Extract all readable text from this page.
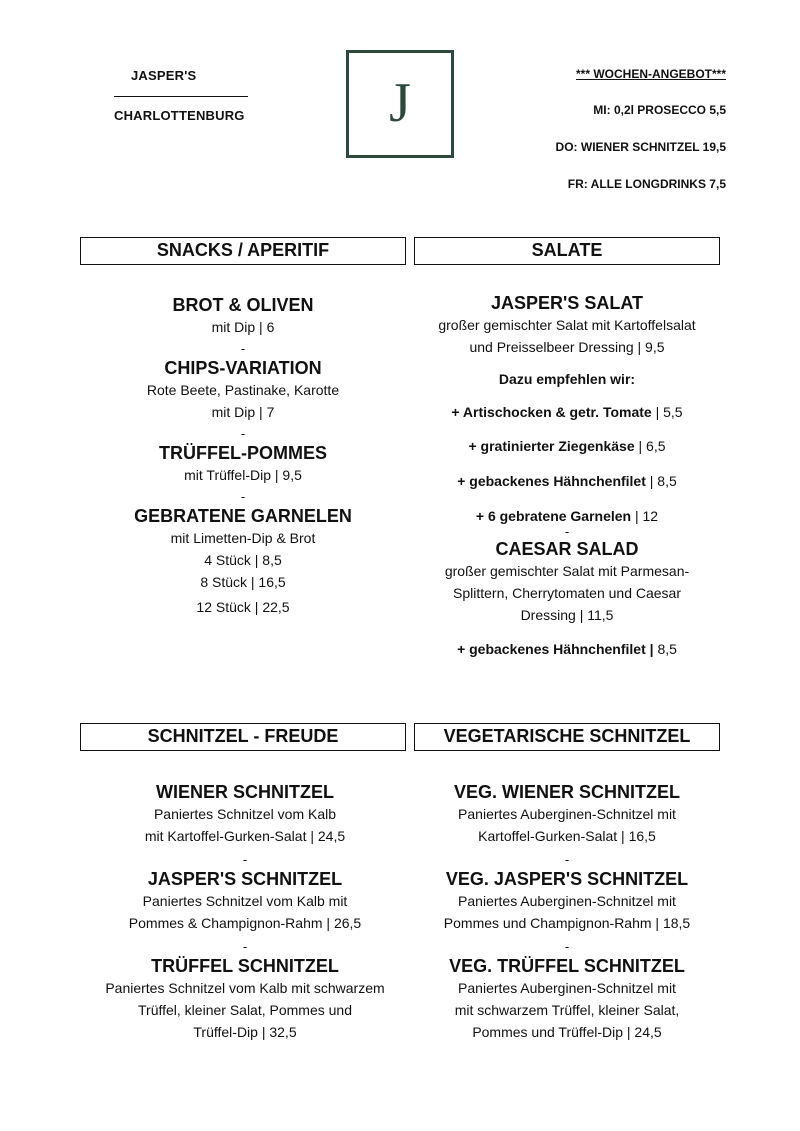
JASPER'S
CHARLOTTENBURG	J	*** WOCHEN-ANGEBOT***
MI: 0,2l PROSECCO 5,5
DO: WIENER SCHNITZEL 19,5
FR: ALLE LONGDRINKS 7,5
SNACKS / APERITIF	SALATE
SCHNITZEL - FREUDE	VEGETARISCHE SCHNITZEL
BROT & OLIVEN
mit Dip | 6
-
CHIPS-VARIATION
Rote Beete, Pastinake, Karotte
mit Dip | 7
-
TRÜFFEL-POMMES
mit Trüffel-Dip | 9,5
-
GEBRATENE GARNELEN
mit Limetten-Dip & Brot
4 Stück | 8,5
8 Stück | 16,5
12 Stück | 22,5
JASPER'S SALAT
großer gemischter Salat mit Kartoffelsalat
und Preisselbeer Dressing | 9,5
Dazu empfehlen wir:
+ Artischocken & getr. Tomate | 5,5
+ gratinierter Ziegenkäse | 6,5
+ gebackenes Hähnchenfilet | 8,5
+ 6 gebratene Garnelen | 12
-
CAESAR SALAD
großer gemischter Salat mit Parmesan-
Splittern, Cherrytomaten und Caesar
Dressing | 11,5
+ gebackenes Hähnchenfilet | 8,5
WIENER SCHNITZEL
Paniertes Schnitzel vom Kalb
mit Kartoffel-Gurken-Salat | 24,5
-
JASPER'S SCHNITZEL
Paniertes Schnitzel vom Kalb mit
Pommes & Champignon-Rahm | 26,5
-
TRÜFFEL SCHNITZEL
Paniertes Schnitzel vom Kalb mit schwarzem
Trüffel, kleiner Salat, Pommes und
Trüffel-Dip | 32,5
VEG. WIENER SCHNITZEL
Paniertes Auberginen-Schnitzel mit
Kartoffel-Gurken-Salat | 16,5
-
VEG. JASPER'S SCHNITZEL
Paniertes Auberginen-Schnitzel mit
Pommes und Champignon-Rahm | 18,5
-
VEG. TRÜFFEL SCHNITZEL
Paniertes Auberginen-Schnitzel mit
mit schwarzem Trüffel, kleiner Salat,
Pommes und Trüffel-Dip | 24,5
